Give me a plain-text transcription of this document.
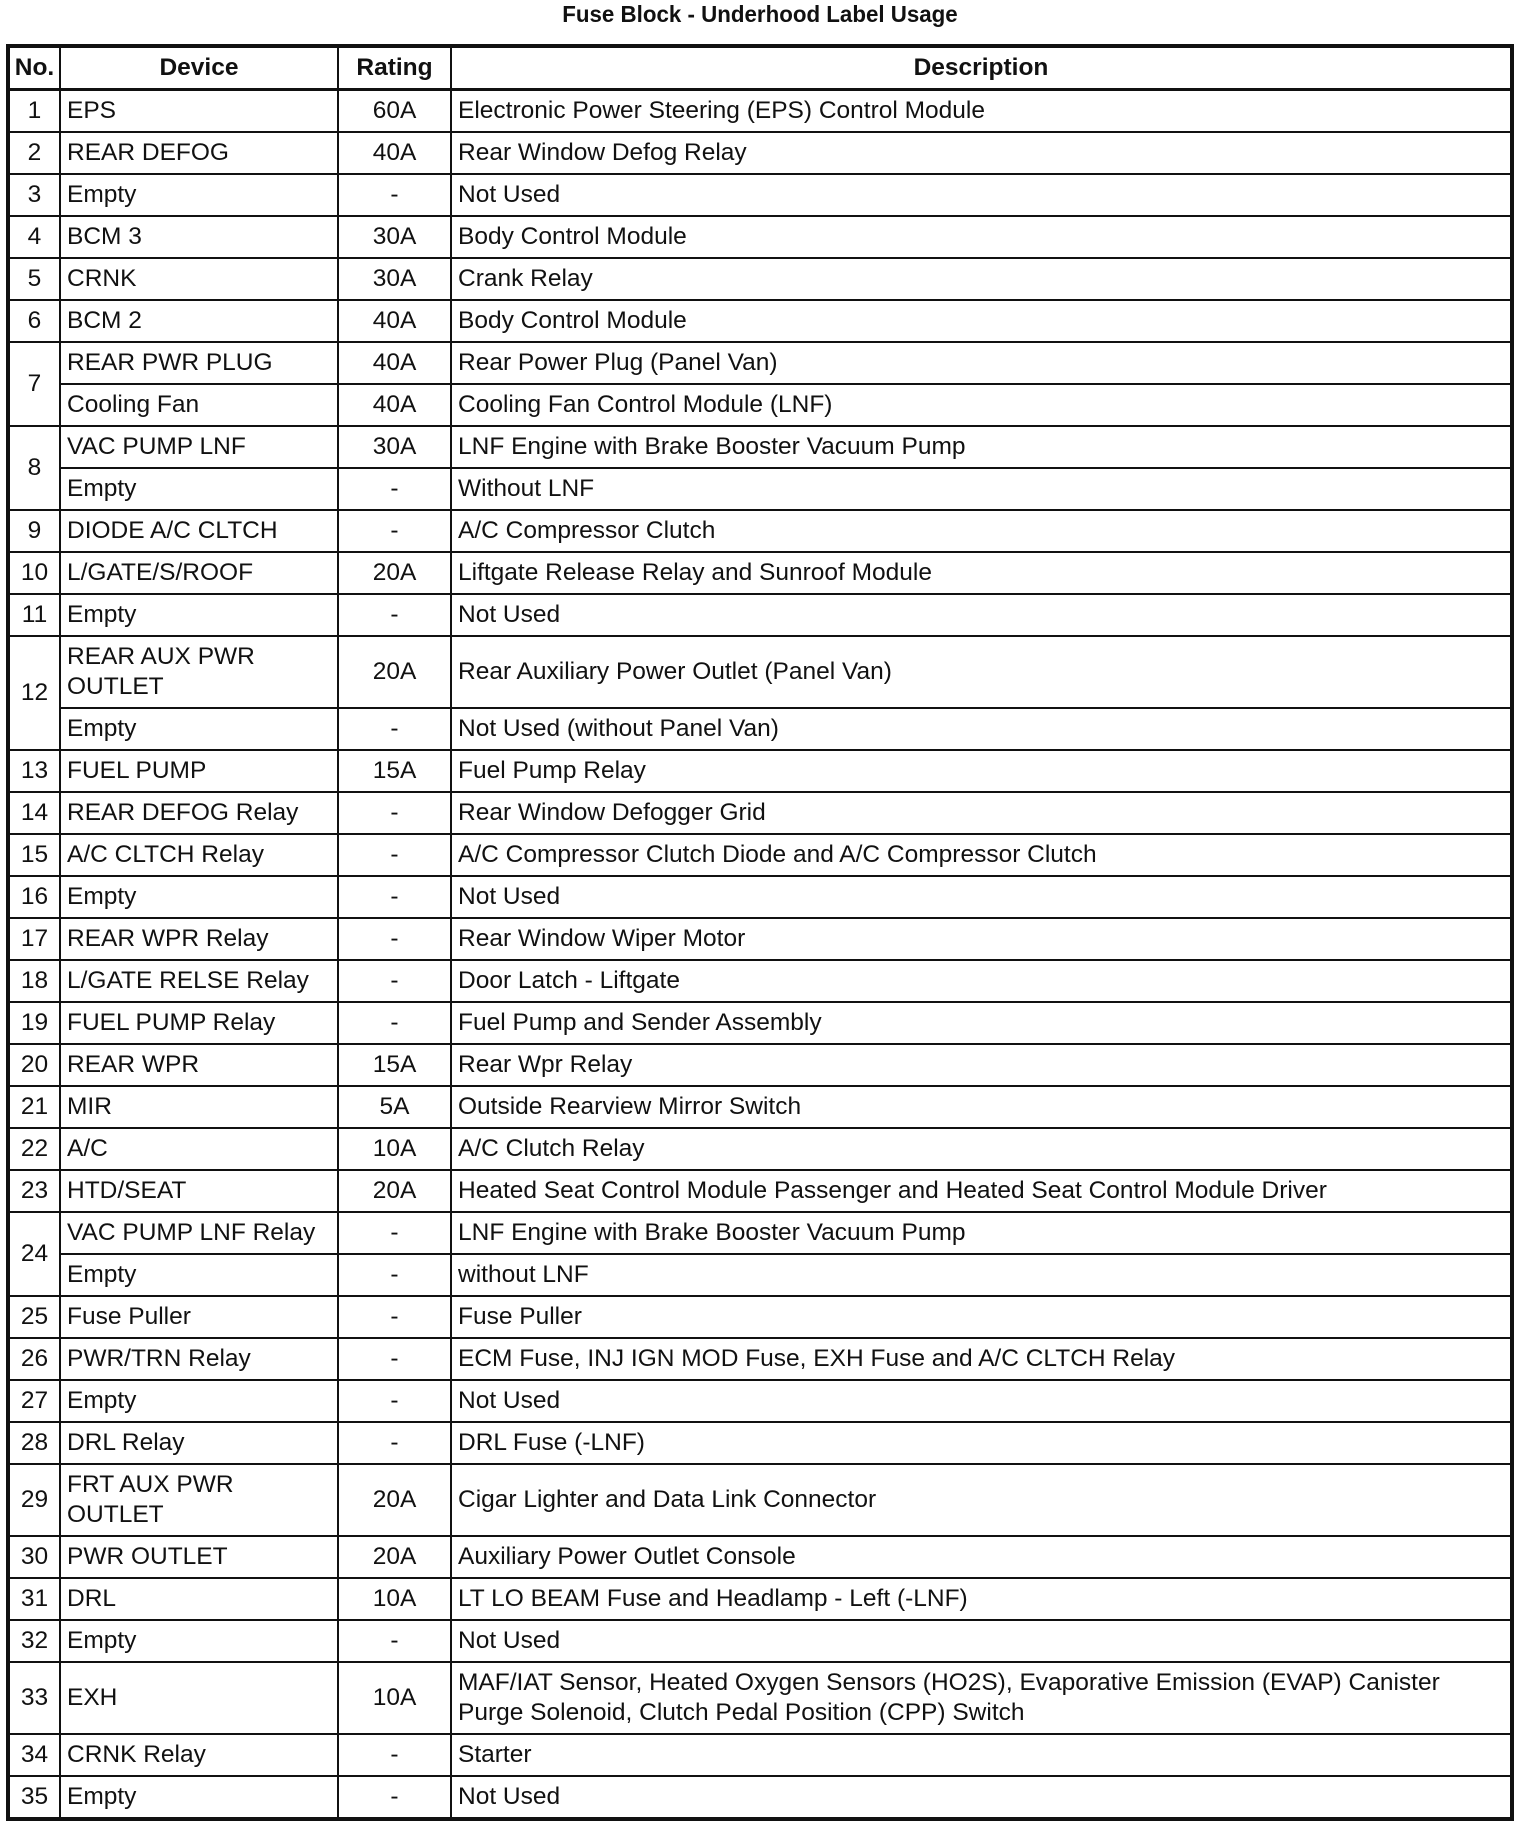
Fuse Block - Underhood Label Usage
No.	Device	Rating	Description
1	EPS	60A	Electronic Power Steering (EPS) Control Module
2	REAR DEFOG	40A	Rear Window Defog Relay
3	Empty	-	Not Used
4	BCM 3	30A	Body Control Module
5	CRNK	30A	Crank Relay
6	BCM 2	40A	Body Control Module
7	REAR PWR PLUG	40A	Rear Power Plug (Panel Van)
	Cooling Fan	40A	Cooling Fan Control Module (LNF)
8	VAC PUMP LNF	30A	LNF Engine with Brake Booster Vacuum Pump
	Empty	-	Without LNF
9	DIODE A/C CLTCH	-	A/C Compressor Clutch
10	L/GATE/S/ROOF	20A	Liftgate Release Relay and Sunroof Module
11	Empty	-	Not Used
12	REAR AUX PWR OUTLET	20A	Rear Auxiliary Power Outlet (Panel Van)
	Empty	-	Not Used (without Panel Van)
13	FUEL PUMP	15A	Fuel Pump Relay
14	REAR DEFOG Relay	-	Rear Window Defogger Grid
15	A/C CLTCH Relay	-	A/C Compressor Clutch Diode and A/C Compressor Clutch
16	Empty	-	Not Used
17	REAR WPR Relay	-	Rear Window Wiper Motor
18	L/GATE RELSE Relay	-	Door Latch - Liftgate
19	FUEL PUMP Relay	-	Fuel Pump and Sender Assembly
20	REAR WPR	15A	Rear Wpr Relay
21	MIR	5A	Outside Rearview Mirror Switch
22	A/C	10A	A/C Clutch Relay
23	HTD/SEAT	20A	Heated Seat Control Module Passenger and Heated Seat Control Module Driver
24	VAC PUMP LNF Relay	-	LNF Engine with Brake Booster Vacuum Pump
	Empty	-	without LNF
25	Fuse Puller	-	Fuse Puller
26	PWR/TRN Relay	-	ECM Fuse, INJ IGN MOD Fuse, EXH Fuse and A/C CLTCH Relay
27	Empty	-	Not Used
28	DRL Relay	-	DRL Fuse (-LNF)
29	FRT AUX PWR OUTLET	20A	Cigar Lighter and Data Link Connector
30	PWR OUTLET	20A	Auxiliary Power Outlet Console
31	DRL	10A	LT LO BEAM Fuse and Headlamp - Left (-LNF)
32	Empty	-	Not Used
33	EXH	10A	MAF/IAT Sensor, Heated Oxygen Sensors (HO2S), Evaporative Emission (EVAP) Canister Purge Solenoid, Clutch Pedal Position (CPP) Switch
34	CRNK Relay	-	Starter
35	Empty	-	Not Used
